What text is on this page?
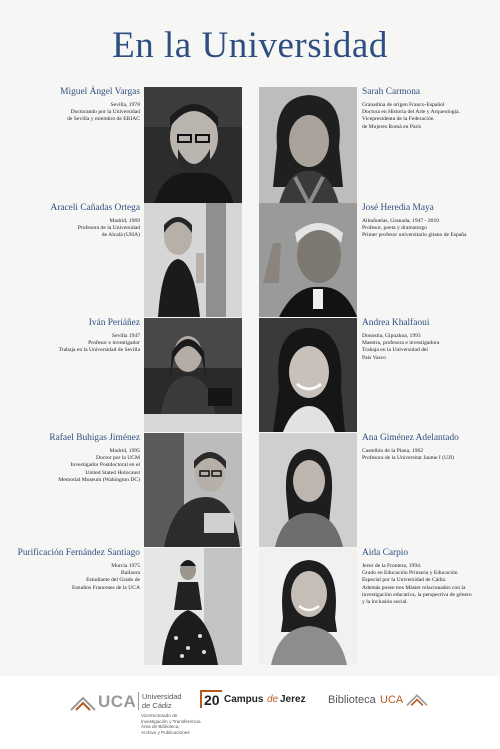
En la Universidad
Miguel Ángel Vargas
Sevilla, 1978
Doctorando por la Universidad
de Sevilla y miembro de ERIAC
Sarah Carmona
Granadina de origen Franco-Español
Doctora en Historia del Arte y Arqueología.
Vicepresidenta de la Federación
de Mujeres Romá en París
Araceli Cañadas Ortega
Madrid, 1969
Profesora de la Universidad
de Alcalá (UHA)
José Heredia Maya
Albuñuelas, Granada, 1947 - 2010
Profesor, poeta y dramaturgo
Primer profesor universitario gitano de España
Iván Periáñez
Sevilla 1947
Profesor e investigador
Trabaja en la Universidad de Sevilla
Andrea Khalfaoui
Donostia, Gipuzkoa, 1993
Maestra, profesora e investigadora
Trabaja en la Universidad del
País Vasco
Rafael Buhigas Jiménez
Madrid, 1995
Doctor por la UCM
Investigador Postdoctoral en el
United Stated Holocaust
Memorial Museum (Wahington DC)
Ana Giménez Adelantado
Castellón de la Plana, 1962
Profesora de la Universitat Jaume I (UJI)
Purificación Fernández Santiago
Murcia 1975
Bailaora
Estudiante del Grado de
Estudios Franceses de la UCA
Aida Carpio
Jerez de la Frontera, 1994.
Grado en Educación Primaria y Educación
Especial por la Universidad de Cádiz.
Además posee tres Máster relacionados con la
investigación educativa, la perspectiva de género
y la inclusión social.
UCA Universidad
de Cádiz
Vicerrectorado de
Investigación y Transferencia
Área de Biblioteca,
Archivo y Publicaciones
20 Campus de Jerez Biblioteca UCA
